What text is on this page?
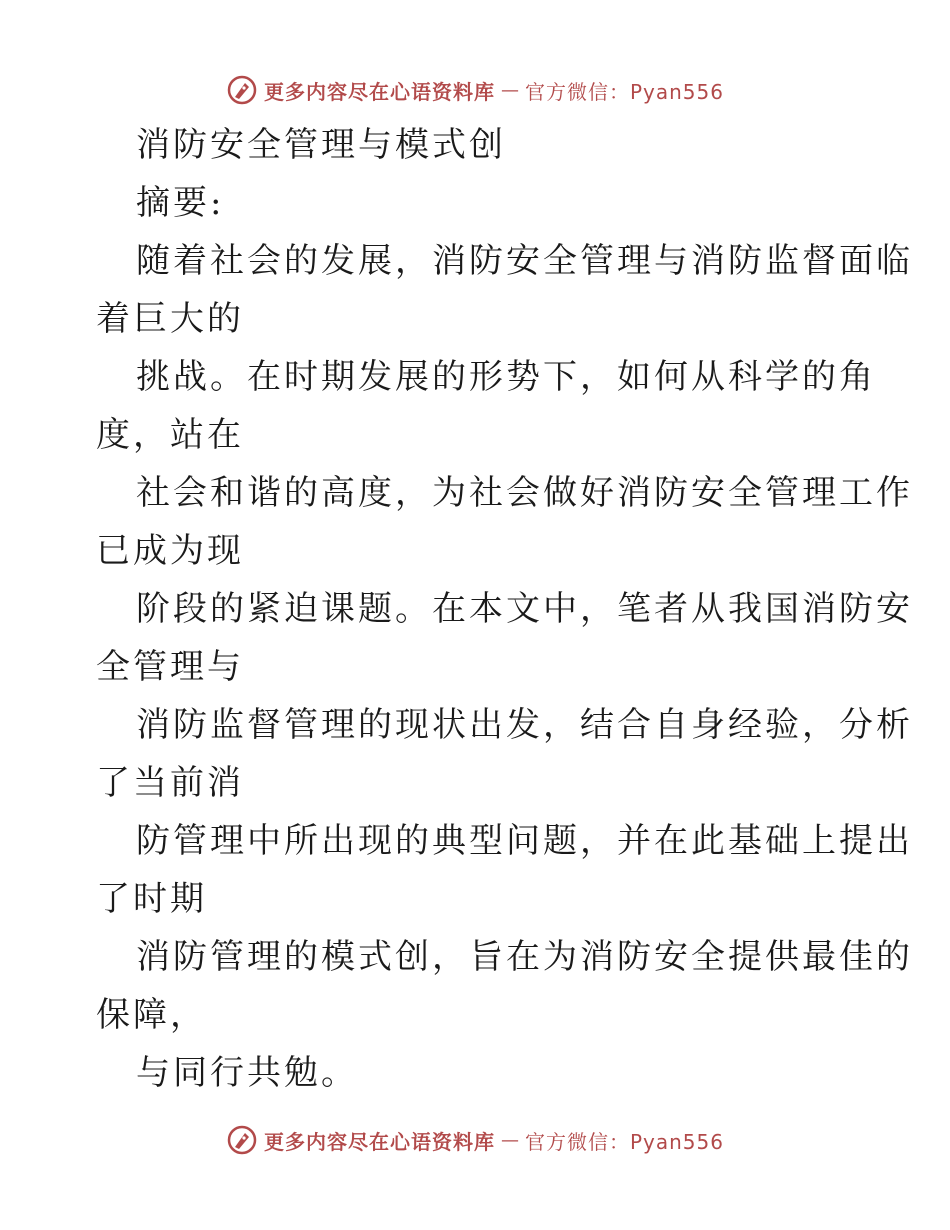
更多内容尽在心语资料库 — 官方微信：Pyan556
消防安全管理与模式创
摘要:
随着社会的发展，消防安全管理与消防监督面临
着巨大的
挑战。在时期发展的形势下，如何从科学的角
度，站在
社会和谐的高度，为社会做好消防安全管理工作
已成为现
阶段的紧迫课题。在本文中，笔者从我国消防安
全管理与
消防监督管理的现状出发，结合自身经验，分析
了当前消
防管理中所出现的典型问题，并在此基础上提出
了时期
消防管理的模式创，旨在为消防安全提供最佳的
保障，
与同行共勉。
更多内容尽在心语资料库 — 官方微信：Pyan556
